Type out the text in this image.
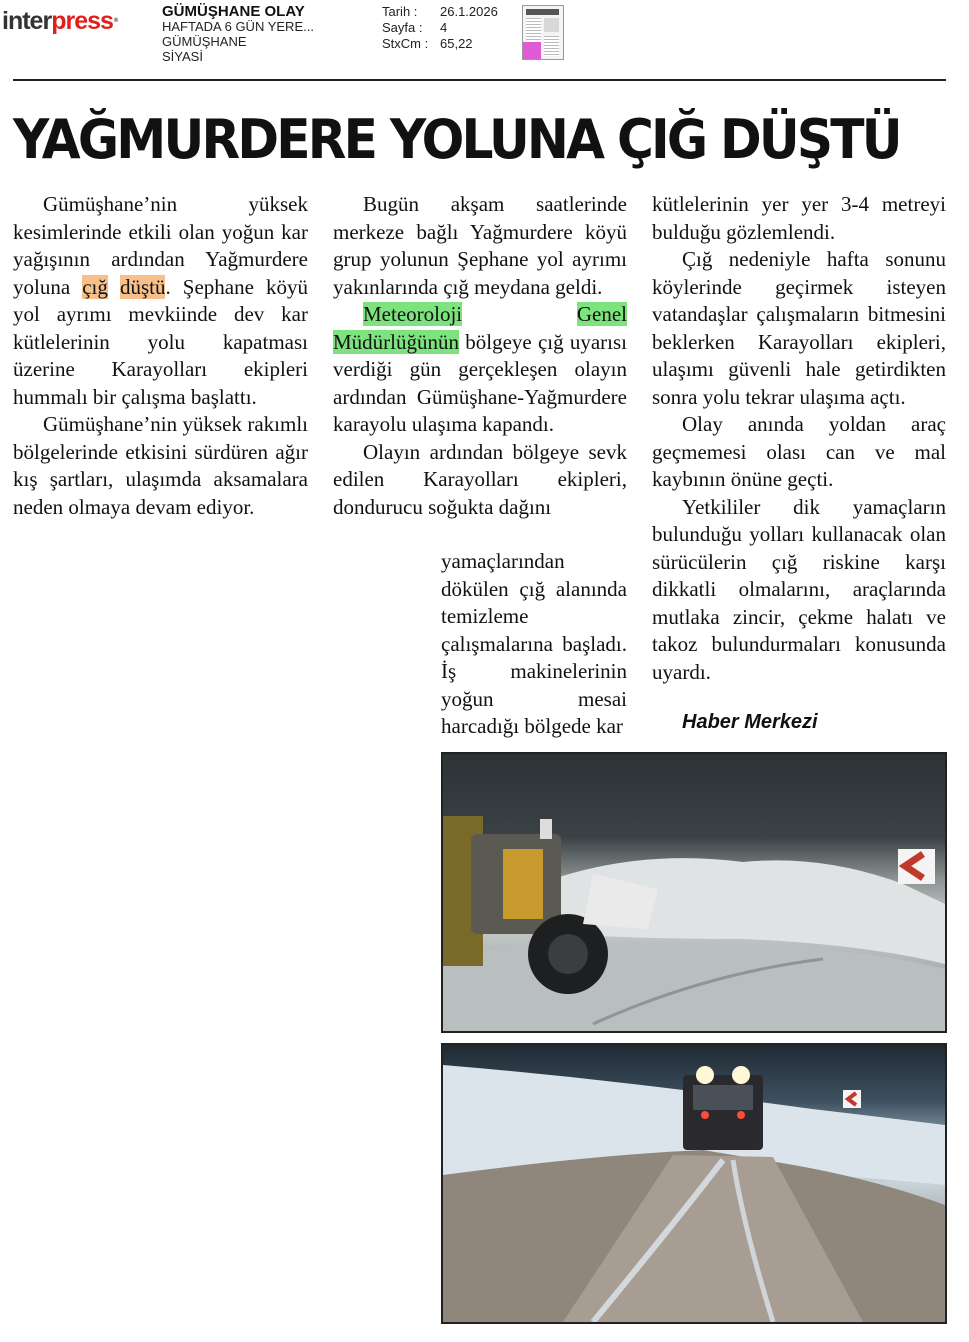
interpress®
GÜMÜŞHANE OLAY
HAFTADA 6 GÜN YERE...
GÜMÜŞHANE
SİYASİ
Tarih :	26.1.2026
Sayfa :	4
StxCm : 65,22
YAĞMURDERE YOLUNA ÇIĞ DÜŞTÜ

Gümüşhane’nin yüksek kesimlerinde etkili olan yoğun kar yağışının ardından Yağmurdere yoluna çığ düştü. Şephane köyü yol ayrımı mevkiinde dev kar kütlelerinin yolu kapatması üzerine Karayolları ekipleri hummalı bir çalışma başlattı.

Gümüşhane’nin yüksek rakımlı bölgelerinde etkisini sürdüren ağır kış şartları, ulaşımda aksamalara neden olmaya devam ediyor.

Bugün akşam saatlerinde merkeze bağlı Yağmurdere köyü grup yolunun Şephane yol ayrımı yakınlarında çığ meydana geldi.

Meteoroloji	Genel Müdürlüğünün bölgeye çığ uyarısı verdiği gün gerçekleşen olayın ardından Gümüşhane-Yağmurdere karayolu ulaşıma kapandı.

Olayın ardından bölgeye sevk edilen Karayolları ekipleri, dondurucu soğukta dağını

yamaçlarından dökülen çığ alanında temizleme çalışmalarına başladı. İş makinelerinin yoğun mesai harcadığı bölgede kar

kütlelerinin yer yer 3-4 metreyi bulduğu gözlemlendi.

Çığ nedeniyle hafta sonunu köylerinde geçirmek isteyen vatandaşlar çalışmaların bitmesini beklerken Karayolları ekipleri, ulaşımı güvenli hale getirdikten sonra yolu tekrar ulaşıma açtı.

Olay anında yoldan araç geçmemesi olası can ve mal kaybının önüne geçti.

Yetkililer dik yamaçların bulunduğu yolları kullanacak olan sürücülerin çığ riskine karşı dikkatli olmalarını, araçlarında mutlaka zincir, çekme halatı ve takoz bulundurmaları konusunda uyardı.

Haber Merkezi
